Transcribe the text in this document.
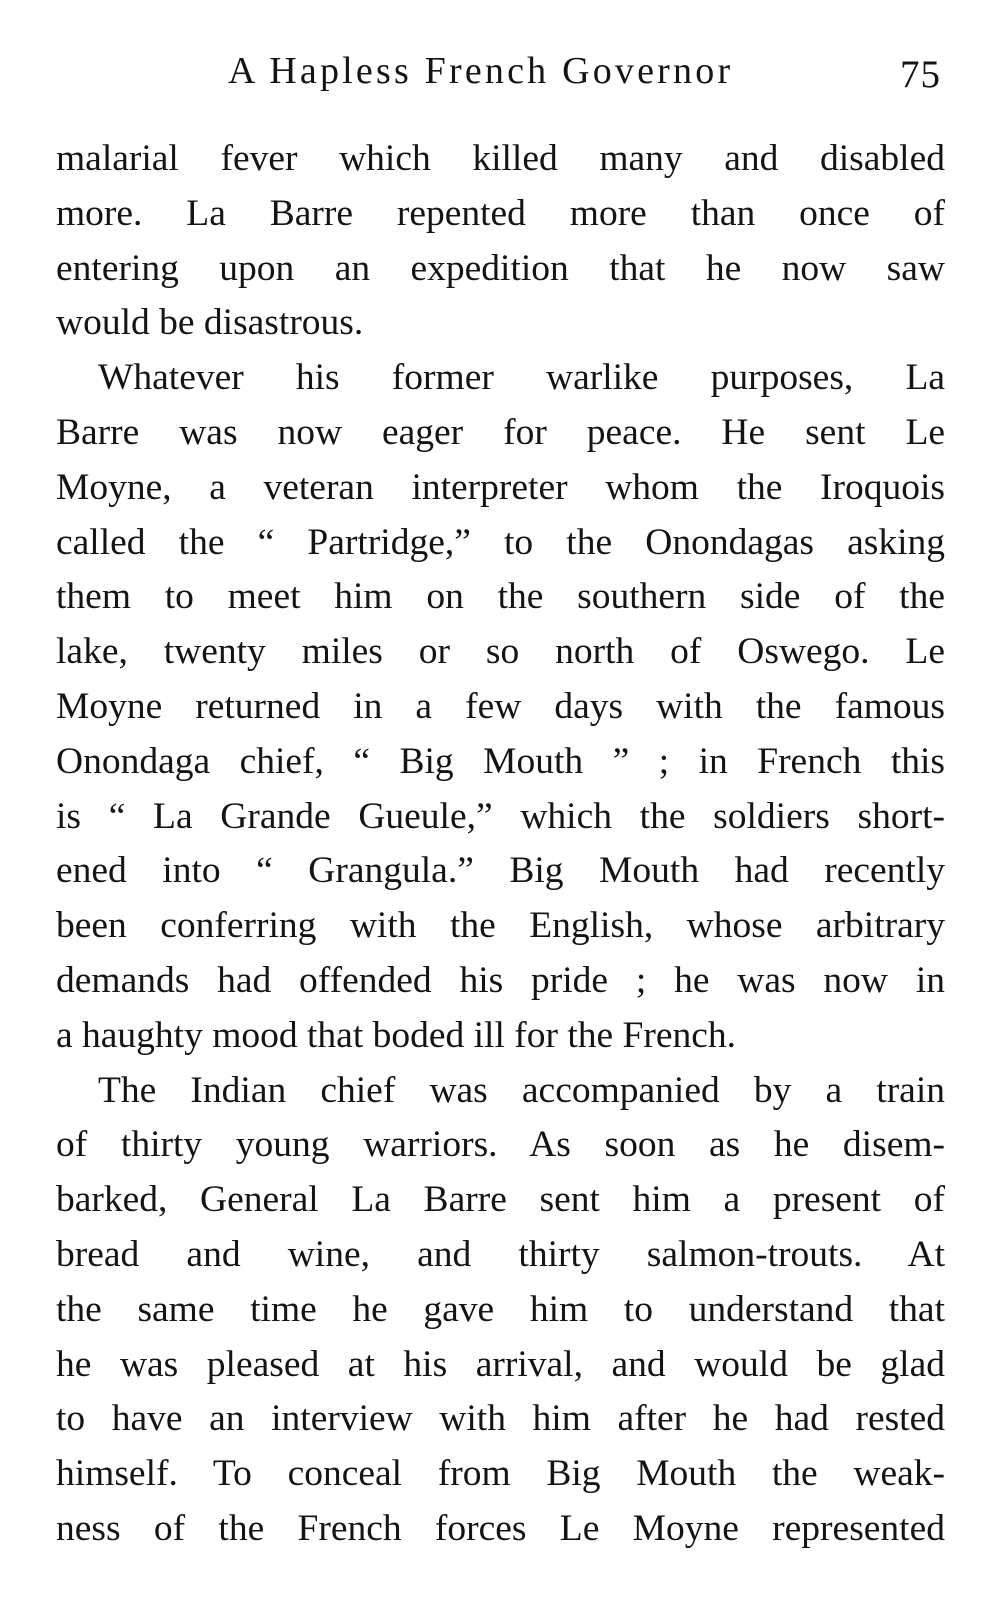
A Hapless French Governor	75
malarial fever which killed many and disabled
more. La Barre repented more than once of
entering upon an expedition that he now saw
would be disastrous.
Whatever his former warlike purposes, La
Barre was now eager for peace. He sent Le
Moyne, a veteran interpreter whom the Iroquois
called the “ Partridge,” to the Onondagas asking
them to meet him on the southern side of the
lake, twenty miles or so north of Oswego. Le
Moyne returned in a few days with the famous
Onondaga chief, “ Big Mouth ” ; in French this
is “ La Grande Gueule,” which the soldiers short-
ened into “ Grangula.” Big Mouth had recently
been conferring with the English, whose arbitrary
demands had offended his pride ; he was now in
a haughty mood that boded ill for the French.
The Indian chief was accompanied by a train
of thirty young warriors. As soon as he disem-
barked, General La Barre sent him a present of
bread and wine, and thirty salmon-trouts. At
the same time he gave him to understand that
he was pleased at his arrival, and would be glad
to have an interview with him after he had rested
himself. To conceal from Big Mouth the weak-
ness of the French forces Le Moyne represented
